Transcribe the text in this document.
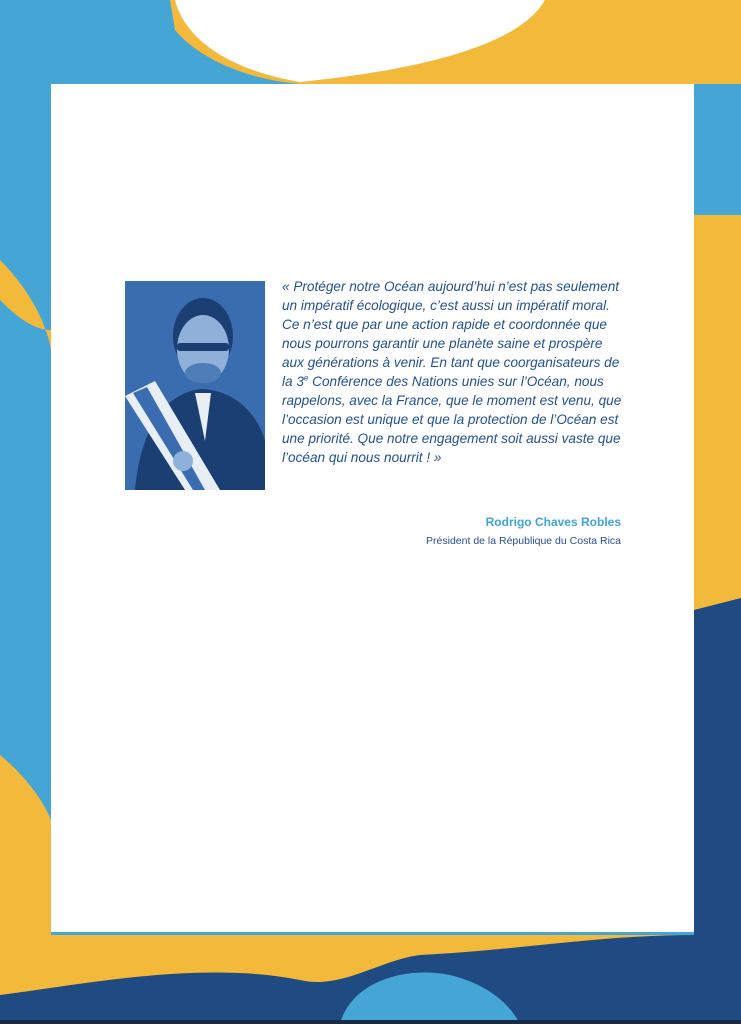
« Protéger notre Océan aujourd’hui n’est pas seulement un impératif écologique, c’est aussi un impératif moral. Ce n’est que par une action rapide et coordonnée que nous pourrons garantir une planète saine et prospère aux générations à venir. En tant que coorganisateurs de la 3e Conférence des Nations unies sur l’Océan, nous rappelons, avec la France, que le moment est venu, que l’occasion est unique et que la protection de l’Océan est une priorité. Que notre engagement soit aussi vaste que l’océan qui nous nourrit ! »

Rodrigo Chaves Robles
Président de la République du Costa Rica
